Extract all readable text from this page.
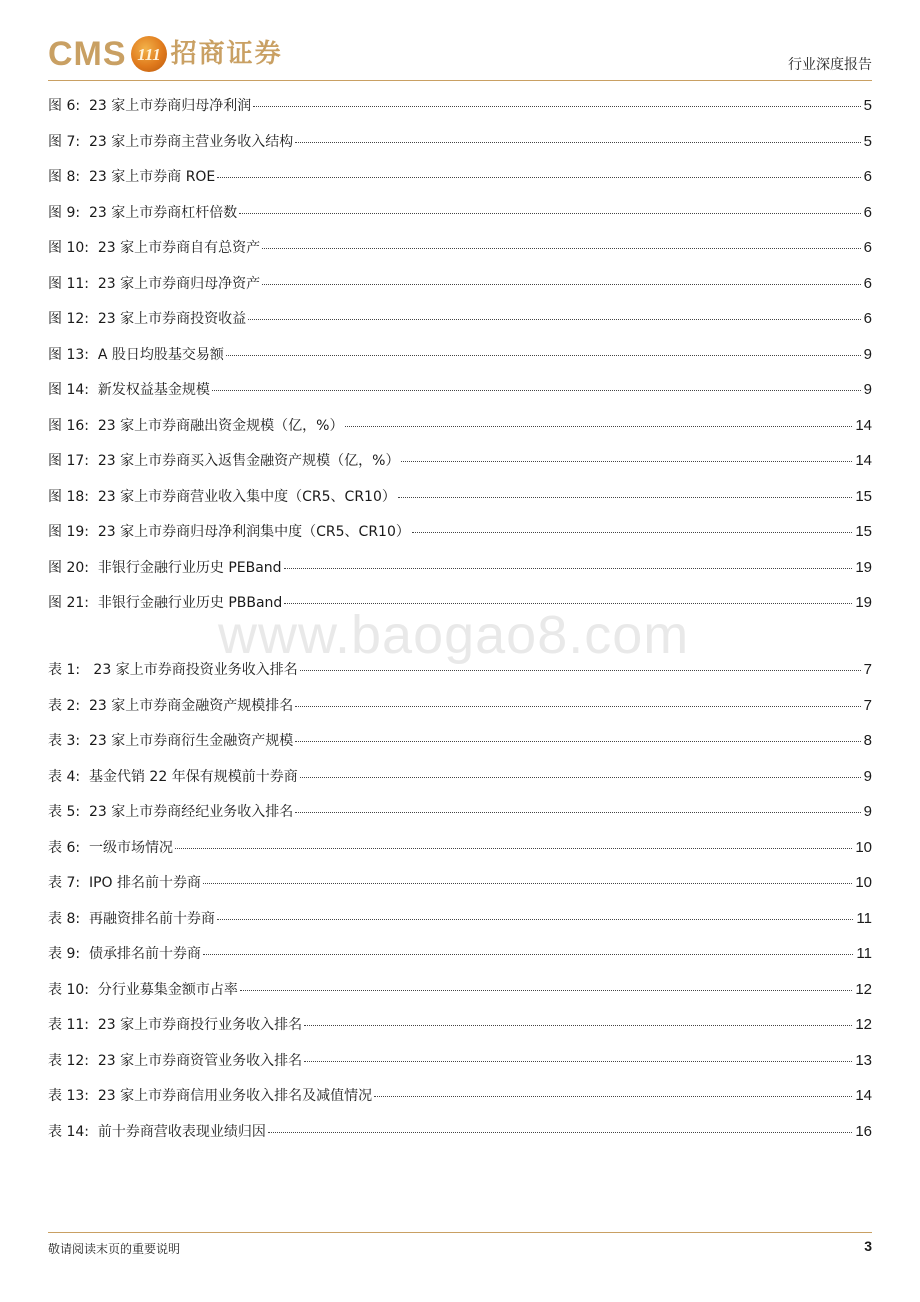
CMS 111 招商证券	行业深度报告
图 6:  23 家上市券商归母净利润	5
图 7:  23 家上市券商主营业务收入结构	5
图 8:  23 家上市券商 ROE	6
图 9:  23 家上市券商杠杆倍数	6
图 10:  23 家上市券商自有总资产	6
图 11:  23 家上市券商归母净资产	6
图 12:  23 家上市券商投资收益	6
图 13:  A 股日均股基交易额	9
图 14:  新发权益基金规模	9
图 16:  23 家上市券商融出资金规模（亿，%）	14
图 17:  23 家上市券商买入返售金融资产规模（亿，%）	14
图 18:  23 家上市券商营业收入集中度（CR5、CR10）	15
图 19:  23 家上市券商归母净利润集中度（CR5、CR10）	15
图 20:  非银行金融行业历史 PEBand	19
图 21:  非银行金融行业历史 PBBand	19
www.baogao8.com
表 1:   23 家上市券商投资业务收入排名	7
表 2:  23 家上市券商金融资产规模排名	7
表 3:  23 家上市券商衍生金融资产规模	8
表 4:  基金代销 22 年保有规模前十券商	9
表 5:  23 家上市券商经纪业务收入排名	9
表 6:  一级市场情况	10
表 7:  IPO 排名前十券商	10
表 8:  再融资排名前十券商	11
表 9:  债承排名前十券商	11
表 10:  分行业募集金额市占率	12
表 11:  23 家上市券商投行业务收入排名	12
表 12:  23 家上市券商资管业务收入排名	13
表 13:  23 家上市券商信用业务收入排名及减值情况	14
表 14:  前十券商营收表现业绩归因	16
敬请阅读末页的重要说明	3
